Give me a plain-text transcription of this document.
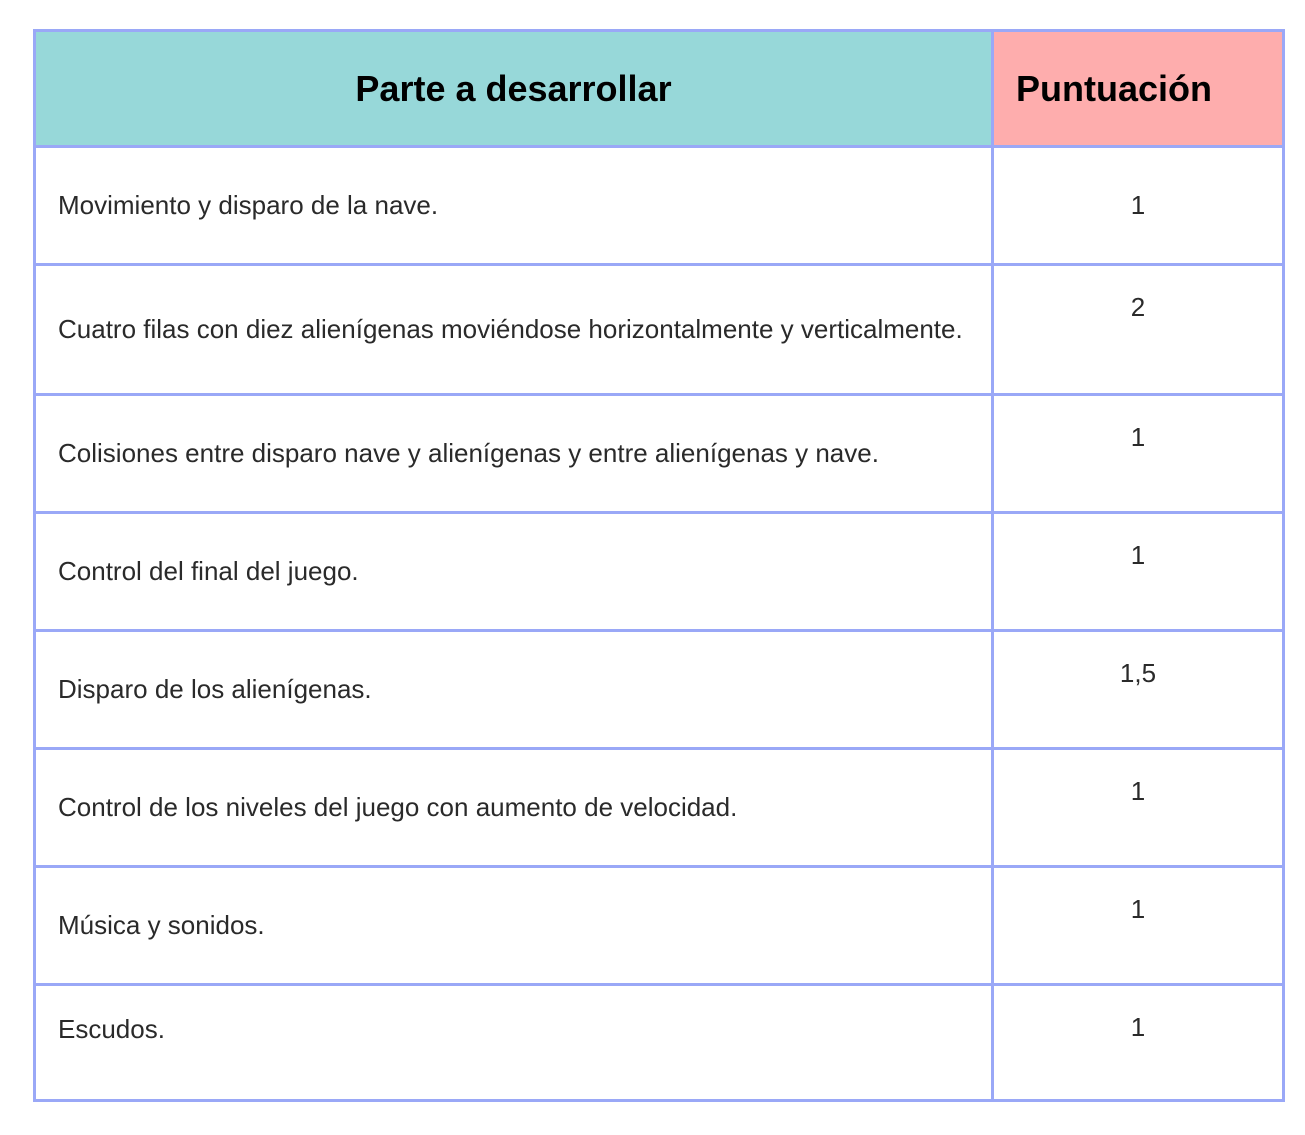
Parte a desarrollar	Puntuación
Movimiento y disparo de la nave.	1
Cuatro filas con diez alienígenas moviéndose horizontalmente y verticalmente.	2
Colisiones entre disparo nave y alienígenas y entre alienígenas y nave.	1
Control del final del juego.	1
Disparo de los alienígenas.	1,5
Control de los niveles del juego con aumento de velocidad.	1
Música y sonidos.	1
Escudos.	1
